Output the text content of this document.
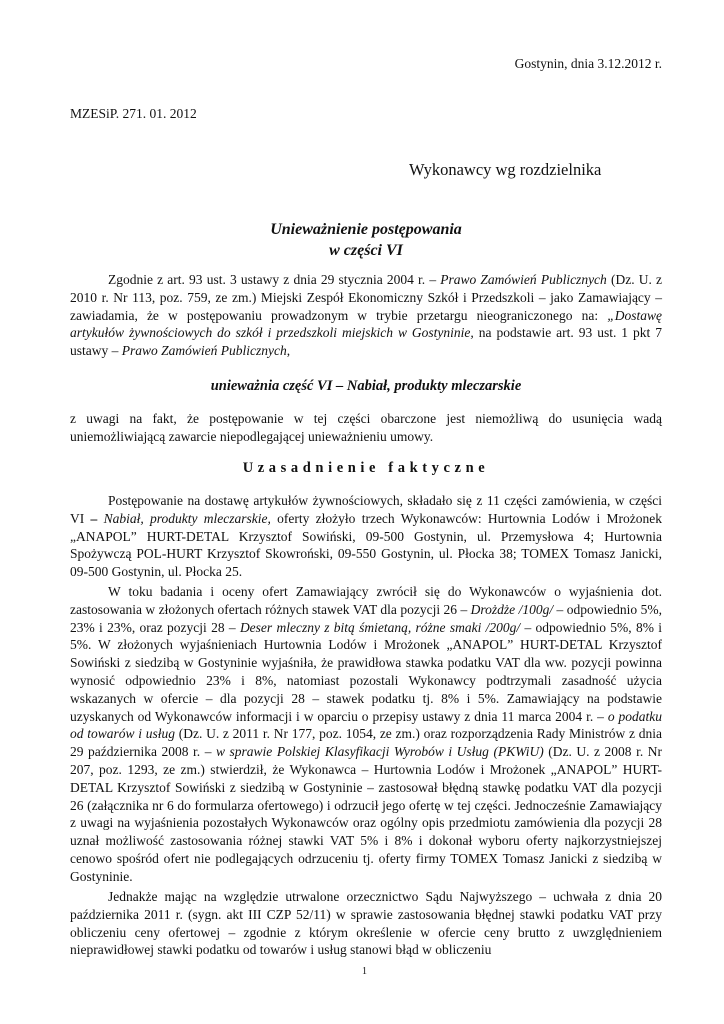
Gostynin, dnia 3.12.2012 r.
MZESiP. 271. 01. 2012
Wykonawcy wg rozdzielnika
Unieważnienie postępowania
w części VI

Zgodnie z art. 93 ust. 3 ustawy z dnia 29 stycznia 2004 r. – Prawo Zamówień Publicznych (Dz. U. z 2010 r. Nr 113, poz. 759, ze zm.) Miejski Zespół Ekonomiczny Szkół i Przedszkoli – jako Zamawiający – zawiadamia, że w postępowaniu prowadzonym w trybie przetargu nieograniczonego na: „Dostawę artykułów żywnościowych do szkół i przedszkoli miejskich w Gostyninie, na podstawie art. 93 ust. 1 pkt 7 ustawy – Prawo Zamówień Publicznych,

unieważnia część VI – Nabiał, produkty mleczarskie

z uwagi na fakt, że postępowanie w tej części obarczone jest niemożliwą do usunięcia wadą uniemożliwiającą zawarcie niepodlegającej unieważnieniu umowy.

Uzasadnienie faktyczne

Postępowanie na dostawę artykułów żywnościowych, składało się z 11 części zamówienia, w części VI – Nabiał, produkty mleczarskie, oferty złożyło trzech Wykonawców: Hurtownia Lodów i Mrożonek „ANAPOL” HURT-DETAL Krzysztof Sowiński, 09-500 Gostynin, ul. Przemysłowa 4; Hurtownia Spożywczą POL-HURT Krzysztof Skowroński, 09-550 Gostynin, ul. Płocka 38; TOMEX Tomasz Janicki, 09-500 Gostynin, ul. Płocka 25.

W toku badania i oceny ofert Zamawiający zwrócił się do Wykonawców o wyjaśnienia dot. zastosowania w złożonych ofertach różnych stawek VAT dla pozycji 26 – Drożdże /100g/ – odpowiednio 5%, 23% i 23%, oraz pozycji 28 – Deser mleczny z bitą śmietaną, różne smaki /200g/ – odpowiednio 5%, 8% i 5%. W złożonych wyjaśnieniach Hurtownia Lodów i Mrożonek „ANAPOL” HURT-DETAL Krzysztof Sowiński z siedzibą w Gostyninie wyjaśniła, że prawidłowa stawka podatku VAT dla ww. pozycji powinna wynosić odpowiednio 23% i 8%, natomiast pozostali Wykonawcy podtrzymali zasadność użycia wskazanych w ofercie – dla pozycji 28 – stawek podatku tj. 8% i 5%. Zamawiający na podstawie uzyskanych od Wykonawców informacji i w oparciu o przepisy ustawy z dnia 11 marca 2004 r. – o podatku od towarów i usług (Dz. U. z 2011 r. Nr 177, poz. 1054, ze zm.) oraz rozporządzenia Rady Ministrów z dnia 29 października 2008 r. – w sprawie Polskiej Klasyfikacji Wyrobów i Usług (PKWiU) (Dz. U. z 2008 r. Nr 207, poz. 1293, ze zm.) stwierdził, że Wykonawca – Hurtownia Lodów i Mrożonek „ANAPOL” HURT-DETAL Krzysztof Sowiński z siedzibą w Gostyninie – zastosował błędną stawkę podatku VAT dla pozycji 26 (załącznika nr 6 do formularza ofertowego) i odrzucił jego ofertę w tej części. Jednocześnie Zamawiający z uwagi na wyjaśnienia pozostałych Wykonawców oraz ogólny opis przedmiotu zamówienia dla pozycji 28 uznał możliwość zastosowania różnej stawki VAT 5% i 8% i dokonał wyboru oferty najkorzystniejszej cenowo spośród ofert nie podlegających odrzuceniu tj. oferty firmy TOMEX Tomasz Janicki z siedzibą w Gostyninie.

Jednakże mając na względzie utrwalone orzecznictwo Sądu Najwyższego – uchwała z dnia 20 października 2011 r. (sygn. akt III CZP 52/11) w sprawie zastosowania błędnej stawki podatku VAT przy obliczeniu ceny ofertowej – zgodnie z którym określenie w ofercie ceny brutto z uwzględnieniem nieprawidłowej stawki podatku od towarów i usług stanowi błąd w obliczeniu

1
